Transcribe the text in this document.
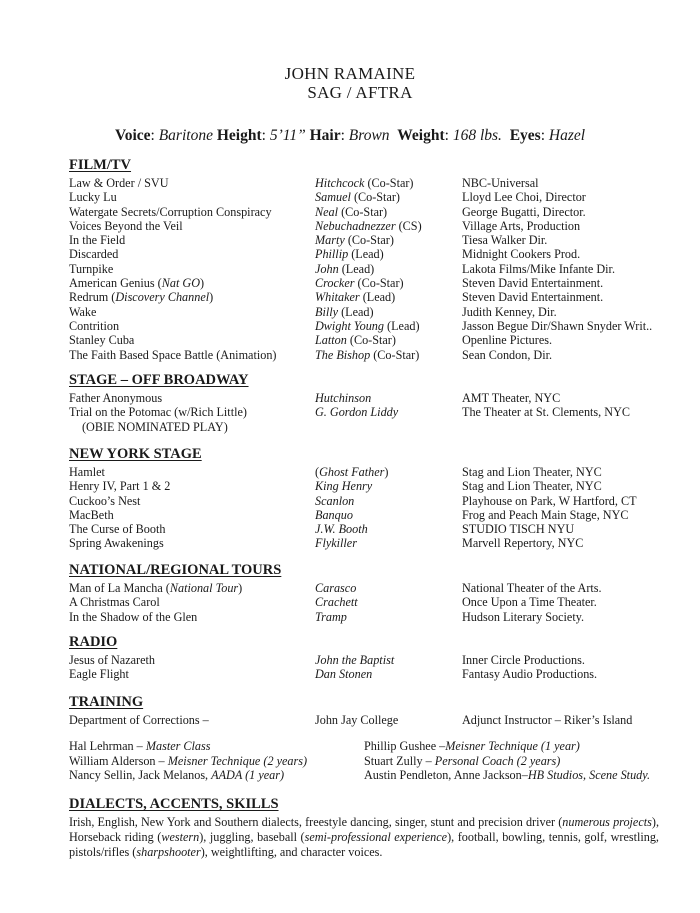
JOHN RAMAINE
SAG / AFTRA
Voice: Baritone Height: 5’11” Hair: Brown Weight: 168 lbs. Eyes: Hazel
FILM/TV
Law & Order / SVU	Hitchcock (Co-Star)	NBC-Universal
Lucky Lu	Samuel (Co-Star)	Lloyd Lee Choi, Director
Watergate Secrets/Corruption Conspiracy	Neal (Co-Star)	George Bugatti, Director.
Voices Beyond the Veil	Nebuchadnezzer (CS)	Village Arts, Production
In the Field	Marty (Co-Star)	Tiesa Walker Dir.
Discarded	Phillip (Lead)	Midnight Cookers Prod.
Turnpike	John (Lead)	Lakota Films/Mike Infante Dir.
American Genius (Nat GO)	Crocker (Co-Star)	Steven David Entertainment.
Redrum (Discovery Channel)	Whitaker (Lead)	Steven David Entertainment.
Wake	Billy (Lead)	Judith Kenney, Dir.
Contrition	Dwight Young (Lead)	Jasson Begue Dir/Shawn Snyder Writ..
Stanley Cuba	Latton (Co-Star)	Openline Pictures.
The Faith Based Space Battle (Animation)	The Bishop (Co-Star)	Sean Condon, Dir.
STAGE – OFF BROADWAY
Father Anonymous	Hutchinson	AMT Theater, NYC
Trial on the Potomac (w/Rich Little)	G. Gordon Liddy	The Theater at St. Clements, NYC
(OBIE NOMINATED PLAY)
NEW YORK STAGE
Hamlet	(Ghost Father)	Stag and Lion Theater, NYC
Henry IV, Part 1 & 2	King Henry	Stag and Lion Theater, NYC
Cuckoo’s Nest	Scanlon	Playhouse on Park, W Hartford, CT
MacBeth	Banquo	Frog and Peach Main Stage, NYC
The Curse of Booth	J.W. Booth	STUDIO TISCH NYU
Spring Awakenings	Flykiller	Marvell Repertory, NYC
NATIONAL/REGIONAL TOURS
Man of La Mancha (National Tour)	Carasco	National Theater of the Arts.
A Christmas Carol	Crachett	Once Upon a Time Theater.
In the Shadow of the Glen	Tramp	Hudson Literary Society.
RADIO
Jesus of Nazareth	John the Baptist	Inner Circle Productions.
Eagle Flight	Dan Stonen	Fantasy Audio Productions.
TRAINING
Department of Corrections –	John Jay College	Adjunct Instructor – Riker’s Island
Hal Lehrman – Master Class	Phillip Gushee –Meisner Technique (1 year)
William Alderson – Meisner Technique (2 years)	Stuart Zully – Personal Coach (2 years)
Nancy Sellin, Jack Melanos, AADA (1 year)	Austin Pendleton, Anne Jackson–HB Studios, Scene Study.
DIALECTS, ACCENTS, SKILLS
Irish, English, New York and Southern dialects, freestyle dancing, singer, stunt and precision driver (numerous projects), Horseback riding (western), juggling, baseball (semi-professional experience), football, bowling, tennis, golf, wrestling, pistols/rifles (sharpshooter), weightlifting, and character voices.
